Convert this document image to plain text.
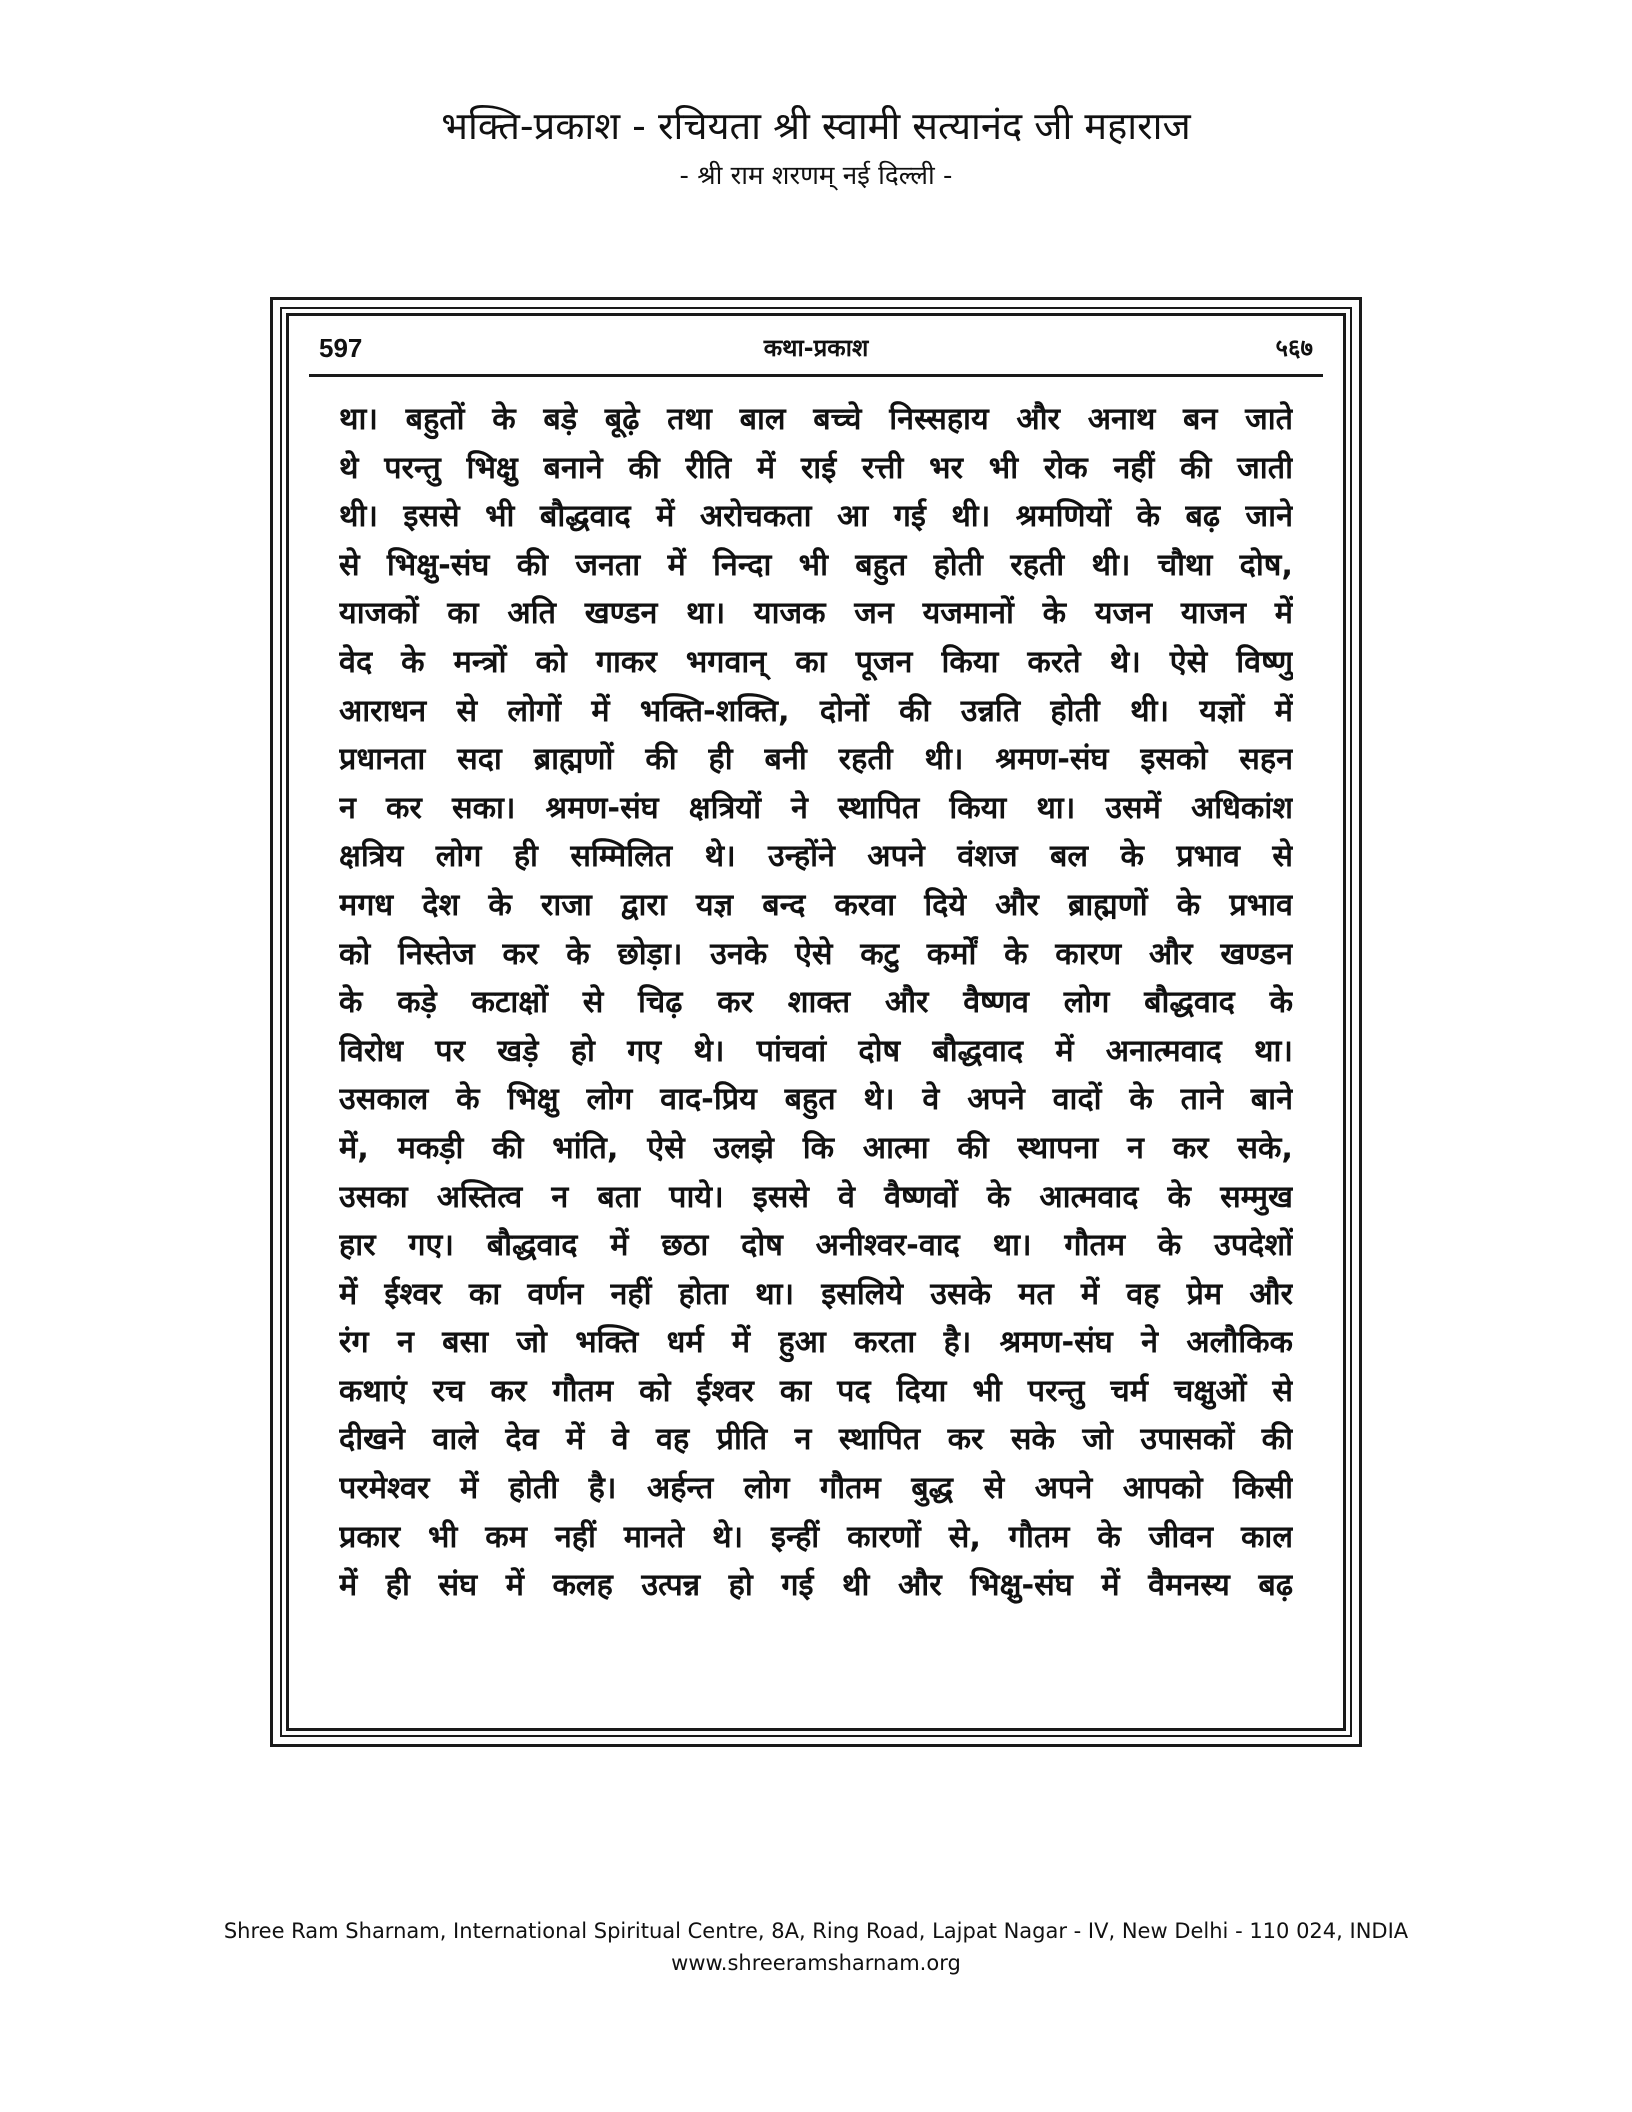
भक्ति-प्रकाश - रचियता श्री स्वामी सत्यानंद जी महाराज
- श्री राम शरणम् नई दिल्ली -
597	कथा-प्रकाश	५६७
था। बहुतों के बड़े बूढ़े तथा बाल बच्चे निस्सहाय और अनाथ बन जाते
थे परन्तु भिक्षु बनाने की रीति में राई रत्ती भर भी रोक नहीं की जाती
थी। इससे भी बौद्धवाद में अरोचकता आ गई थी। श्रमणियों के बढ़ जाने
से भिक्षु-संघ की जनता में निन्दा भी बहुत होती रहती थी। चौथा दोष,
याजकों का अति खण्डन था। याजक जन यजमानों के यजन याजन में
वेद के मन्त्रों को गाकर भगवान् का पूजन किया करते थे। ऐसे विष्णु
आराधन से लोगों में भक्ति-शक्ति, दोनों की उन्नति होती थी। यज्ञों में
प्रधानता सदा ब्राह्मणों की ही बनी रहती थी। श्रमण-संघ इसको सहन
न कर सका। श्रमण-संघ क्षत्रियों ने स्थापित किया था। उसमें अधिकांश
क्षत्रिय लोग ही सम्मिलित थे। उन्होंने अपने वंशज बल के प्रभाव से
मगध देश के राजा द्वारा यज्ञ बन्द करवा दिये और ब्राह्मणों के प्रभाव
को निस्तेज कर के छोड़ा। उनके ऐसे कटु कर्मों के कारण और खण्डन
के कड़े कटाक्षों से चिढ़ कर शाक्त और वैष्णव लोग बौद्धवाद के
विरोध पर खड़े हो गए थे। पांचवां दोष बौद्धवाद में अनात्मवाद था।
उसकाल के भिक्षु लोग वाद-प्रिय बहुत थे। वे अपने वादों के ताने बाने
में, मकड़ी की भांति, ऐसे उलझे कि आत्मा की स्थापना न कर सके,
उसका अस्तित्व न बता पाये। इससे वे वैष्णवों के आत्मवाद के सम्मुख
हार गए। बौद्धवाद में छठा दोष अनीश्वर-वाद था। गौतम के उपदेशों
में ईश्वर का वर्णन नहीं होता था। इसलिये उसके मत में वह प्रेम और
रंग न बसा जो भक्ति धर्म में हुआ करता है। श्रमण-संघ ने अलौकिक
कथाएं रच कर गौतम को ईश्वर का पद दिया भी परन्तु चर्म चक्षुओं से
दीखने वाले देव में वे वह प्रीति न स्थापित कर सके जो उपासकों की
परमेश्वर में होती है। अर्हन्त लोग गौतम बुद्ध से अपने आपको किसी
प्रकार भी कम नहीं मानते थे। इन्हीं कारणों से, गौतम के जीवन काल
में ही संघ में कलह उत्पन्न हो गई थी और भिक्षु-संघ में वैमनस्य बढ़
Shree Ram Sharnam, International Spiritual Centre, 8A, Ring Road, Lajpat Nagar - IV, New Delhi - 110 024, INDIA
www.shreeramsharnam.org
